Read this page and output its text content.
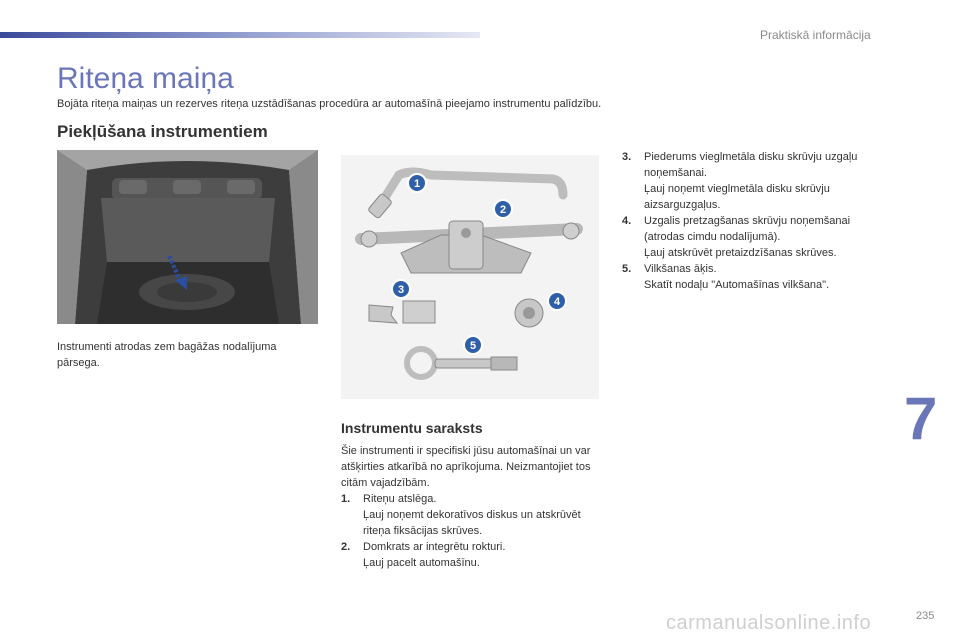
Praktiskā informācija
Riteņa maiņa
Bojāta riteņa maiņas un rezerves riteņa uzstādīšanas procedūra ar automašīnā pieejamo instrumentu palīdzību.
Piekļūšana instrumentiem
Instrumenti atrodas zem bagāžas nodalījuma pārsega.
1
2
3
4
5
Instrumentu saraksts
Šie instrumenti ir specifiski jūsu automašīnai un var atšķirties atkarībā no aprīkojuma. Neizmantojiet tos citām vajadzībām.
1.	Riteņu atslēga.
Ļauj noņemt dekoratīvos diskus un atskrūvēt riteņa fiksācijas skrūves.
2.	Domkrats ar integrētu rokturi.
Ļauj pacelt automašīnu.
3.	Piederums vieglmetāla disku skrūvju uzgaļu noņemšanai.
Ļauj noņemt vieglmetāla disku skrūvju aizsarguzgaļus.
4.	Uzgalis pretzagšanas skrūvju noņemšanai (atrodas cimdu nodalījumā).
Ļauj atskrūvēt pretaizdzīšanas skrūves.
5.	Vilkšanas āķis.
Skatīt nodaļu "Automašīnas vilkšana".
7
carmanualsonline.info	235
